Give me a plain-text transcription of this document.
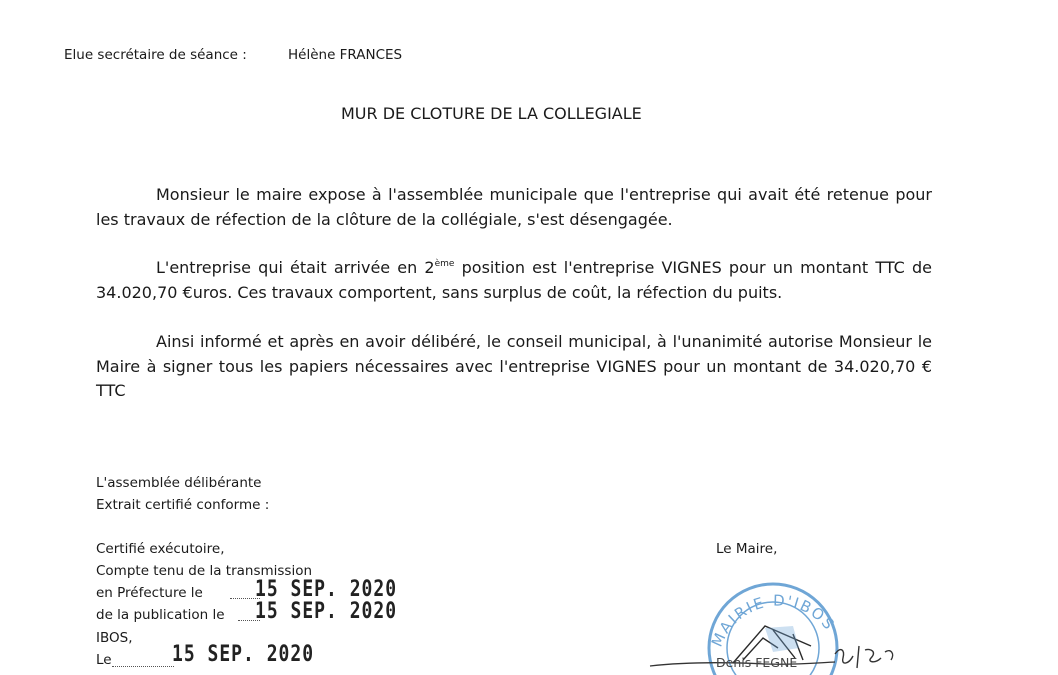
Elue secrétaire de séance :	Hélène FRANCES
MUR DE CLOTURE DE LA COLLEGIALE
Monsieur le maire expose à l'assemblée municipale que l'entreprise qui avait été retenue pour les travaux de réfection de la clôture de la collégiale, s'est désengagée.
L'entreprise qui était arrivée en 2ème position est l'entreprise VIGNES pour un montant TTC de 34.020,70 €uros. Ces travaux comportent, sans surplus de coût, la réfection du puits.
Ainsi informé et après en avoir délibéré, le conseil municipal, à l'unanimité autorise Monsieur le Maire à signer tous les papiers nécessaires avec l'entreprise VIGNES pour un montant de 34.020,70 € TTC
L'assemblée délibérante
Extrait certifié conforme :
Certifié exécutoire,
Compte tenu de la transmission
en Préfecture le
de la publication le
IBOS,
Le
15 SEP. 2020
15 SEP. 2020
15 SEP. 2020
Le Maire,
MAIRIE D'IBOS
Denis FEGNE
